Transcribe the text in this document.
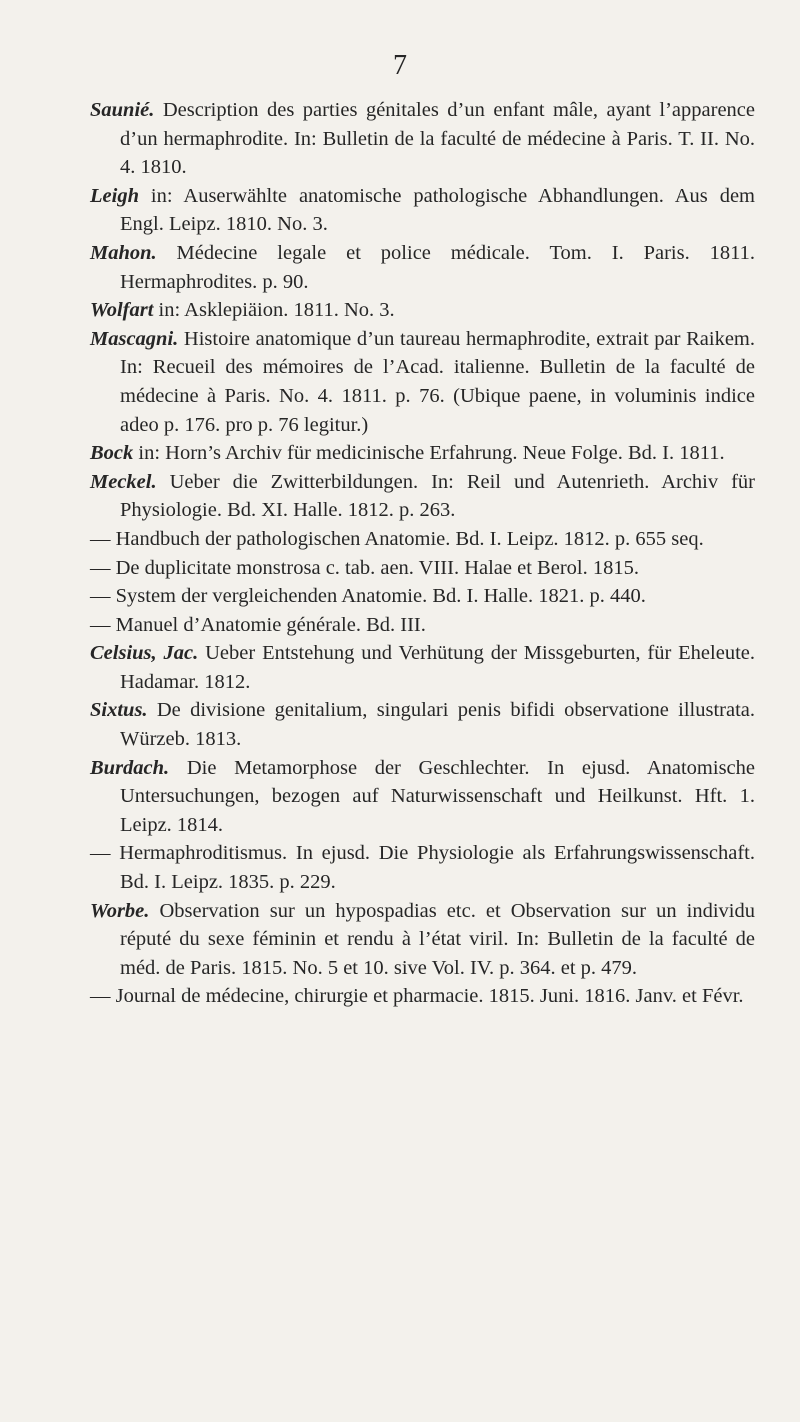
7
Saunié. Description des parties génitales d’un enfant mâle, ayant l’apparence d’un hermaphrodite. In: Bulletin de la faculté de médecine à Paris. T. II. No. 4. 1810.
Leigh in: Auserwählte anatomische pathologische Abhandlungen. Aus dem Engl. Leipz. 1810. No. 3.
Mahon. Médecine legale et police médicale. Tom. I. Paris. 1811. Hermaphrodites. p. 90.
Wolfart in: Asklepiäion. 1811. No. 3.
Mascagni. Histoire anatomique d’un taureau hermaphrodite, extrait par Raikem. In: Recueil des mémoires de l’Acad. italienne. Bulletin de la faculté de médecine à Paris. No. 4. 1811. p. 76. (Ubique paene, in voluminis indice adeo p. 176. pro p. 76 legitur.)
Bock in: Horn’s Archiv für medicinische Erfahrung. Neue Folge. Bd. I. 1811.
Meckel. Ueber die Zwitterbildungen. In: Reil und Autenrieth. Archiv für Physiologie. Bd. XI. Halle. 1812. p. 263.
— Handbuch der pathologischen Anatomie. Bd. I. Leipz. 1812. p. 655 seq.
— De duplicitate monstrosa c. tab. aen. VIII. Halae et Berol. 1815.
— System der vergleichenden Anatomie. Bd. I. Halle. 1821. p. 440.
— Manuel d’Anatomie générale. Bd. III.
Celsius, Jac. Ueber Entstehung und Verhütung der Missgeburten, für Eheleute. Hadamar. 1812.
Sixtus. De divisione genitalium, singulari penis bifidi observatione illustrata. Würzeb. 1813.
Burdach. Die Metamorphose der Geschlechter. In ejusd. Anatomische Untersuchungen, bezogen auf Naturwissenschaft und Heilkunst. Hft. 1. Leipz. 1814.
— Hermaphroditismus. In ejusd. Die Physiologie als Erfahrungswissenschaft. Bd. I. Leipz. 1835. p. 229.
Worbe. Observation sur un hypospadias etc. et Observation sur un individu réputé du sexe féminin et rendu à l’état viril. In: Bulletin de la faculté de méd. de Paris. 1815. No. 5 et 10. sive Vol. IV. p. 364. et p. 479.
— Journal de médecine, chirurgie et pharmacie. 1815. Juni. 1816. Janv. et Févr.
